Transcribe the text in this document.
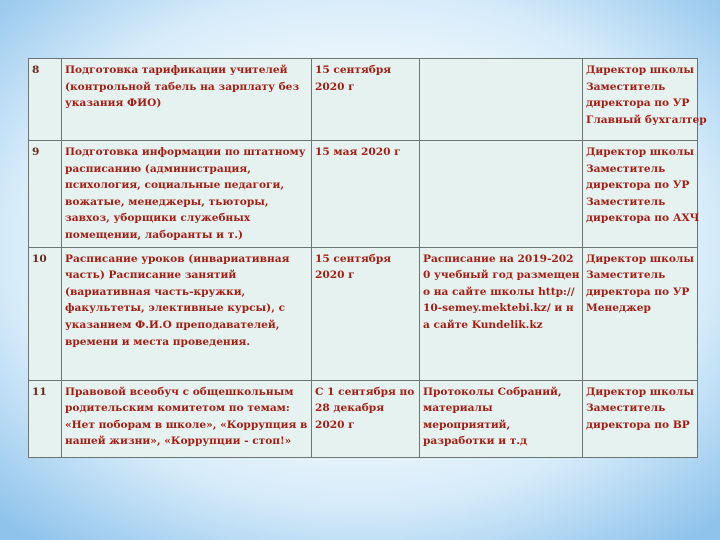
8	Подготовка тарификации учителей (контрольной табель на зарплату без указания ФИО)	15 сентября 2020 г		Директор школы
Заместитель
директора по УР
Главный бухгалтер

9	Подготовка информации по штатному расписанию (администрация, психология, социальные педагоги, вожатые, менеджеры, тьюторы, завхоз, уборщики служебных помещении, лаборанты и т.)	15 мая 2020 г		Директор школы
Заместитель
директора по УР
Заместитель
директора по АХЧ

10	Расписание уроков (инвариативная часть) Расписание занятий (вариативная часть-кружки, факультеты, элективные курсы), с указанием Ф.И.О преподавателей, времени и места проведения.	15 сентября 2020 г	Расписание на 2019-2020 учебный год размещено на сайте школы http://10-semey.mektebi.kz/ и на сайте Kundelik.kz	Директор школы
Заместитель
директора по УР
Менеджер

11	Правовой всеобуч с общешкольным родительским комитетом по темам: «Нет поборам в школе», «Коррупция в нашей жизни», «Коррупции - стоп!»	С 1 сентября по 28 декабря 2020 г	Протоколы Собраний, материалы мероприятий, разработки и т.д	Директор школы
Заместитель
директора по ВР
